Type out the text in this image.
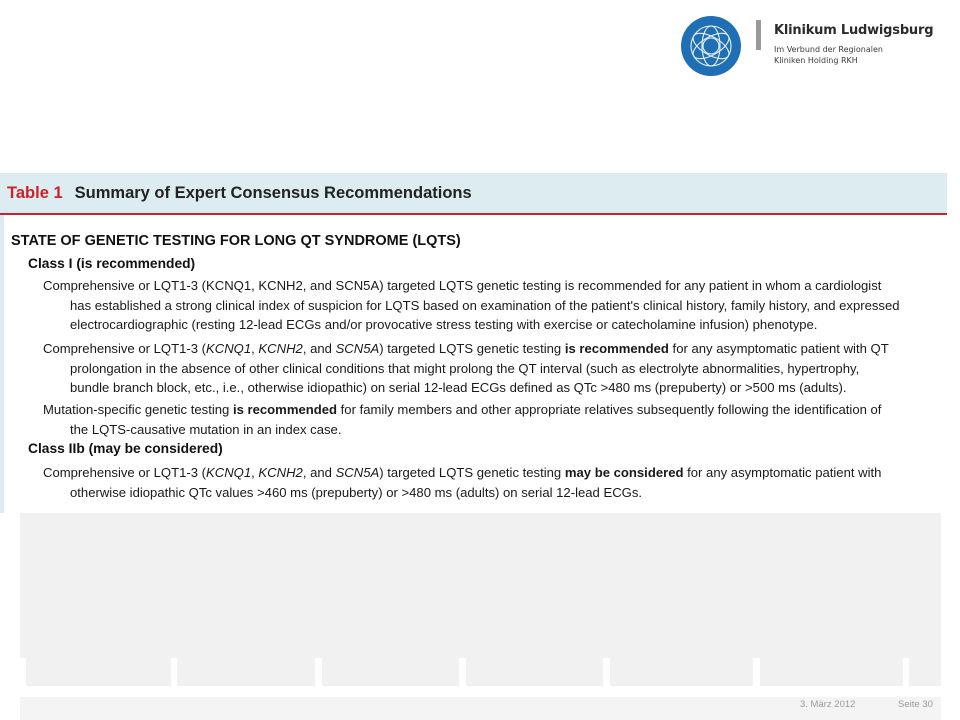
Klinikum Ludwigsburg
Im Verbund der Regionalen
Kliniken Holding RKH
Table 1 Summary of Expert Consensus Recommendations
STATE OF GENETIC TESTING FOR LONG QT SYNDROME (LQTS)
Class I (is recommended)
Comprehensive or LQT1-3 (KCNQ1, KCNH2, and SCN5A) targeted LQTS genetic testing is recommended for any patient in whom a cardiologist
has established a strong clinical index of suspicion for LQTS based on examination of the patient's clinical history, family history, and expressed
electrocardiographic (resting 12-lead ECGs and/or provocative stress testing with exercise or catecholamine infusion) phenotype.
Comprehensive or LQT1-3 (KCNQ1, KCNH2, and SCN5A) targeted LQTS genetic testing is recommended for any asymptomatic patient with QT
prolongation in the absence of other clinical conditions that might prolong the QT interval (such as electrolyte abnormalities, hypertrophy,
bundle branch block, etc., i.e., otherwise idiopathic) on serial 12-lead ECGs defined as QTc >480 ms (prepuberty) or >500 ms (adults).
Mutation-specific genetic testing is recommended for family members and other appropriate relatives subsequently following the identification of
the LQTS-causative mutation in an index case.
Class IIb (may be considered)
Comprehensive or LQT1-3 (KCNQ1, KCNH2, and SCN5A) targeted LQTS genetic testing may be considered for any asymptomatic patient with
otherwise idiopathic QTc values >460 ms (prepuberty) or >480 ms (adults) on serial 12-lead ECGs.
3. März 2012	Seite 30
